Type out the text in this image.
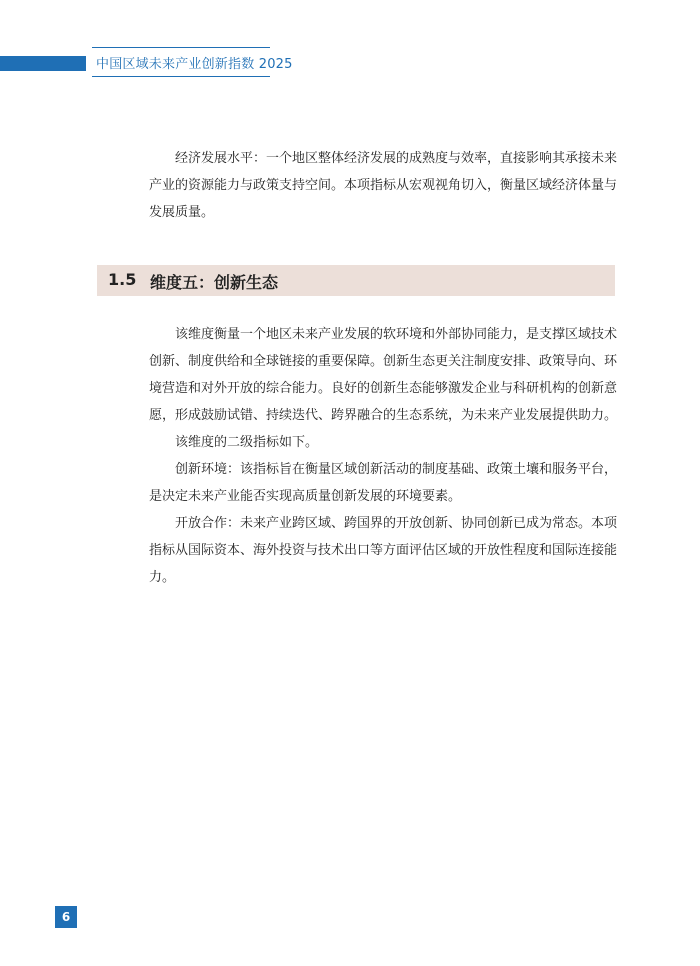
中国区域未来产业创新指数 2025

经济发展水平：一个地区整体经济发展的成熟度与效率，直接影响其承接未来产业的资源能力与政策支持空间。本项指标从宏观视角切入，衡量区域经济体量与发展质量。

1.5 维度五：创新生态

该维度衡量一个地区未来产业发展的软环境和外部协同能力，是支撑区域技术创新、制度供给和全球链接的重要保障。创新生态更关注制度安排、政策导向、环境营造和对外开放的综合能力。良好的创新生态能够激发企业与科研机构的创新意愿，形成鼓励试错、持续迭代、跨界融合的生态系统，为未来产业发展提供助力。

该维度的二级指标如下。

创新环境：该指标旨在衡量区域创新活动的制度基础、政策土壤和服务平台，是决定未来产业能否实现高质量创新发展的环境要素。

开放合作：未来产业跨区域、跨国界的开放创新、协同创新已成为常态。本项指标从国际资本、海外投资与技术出口等方面评估区域的开放性程度和国际连接能力。

6
